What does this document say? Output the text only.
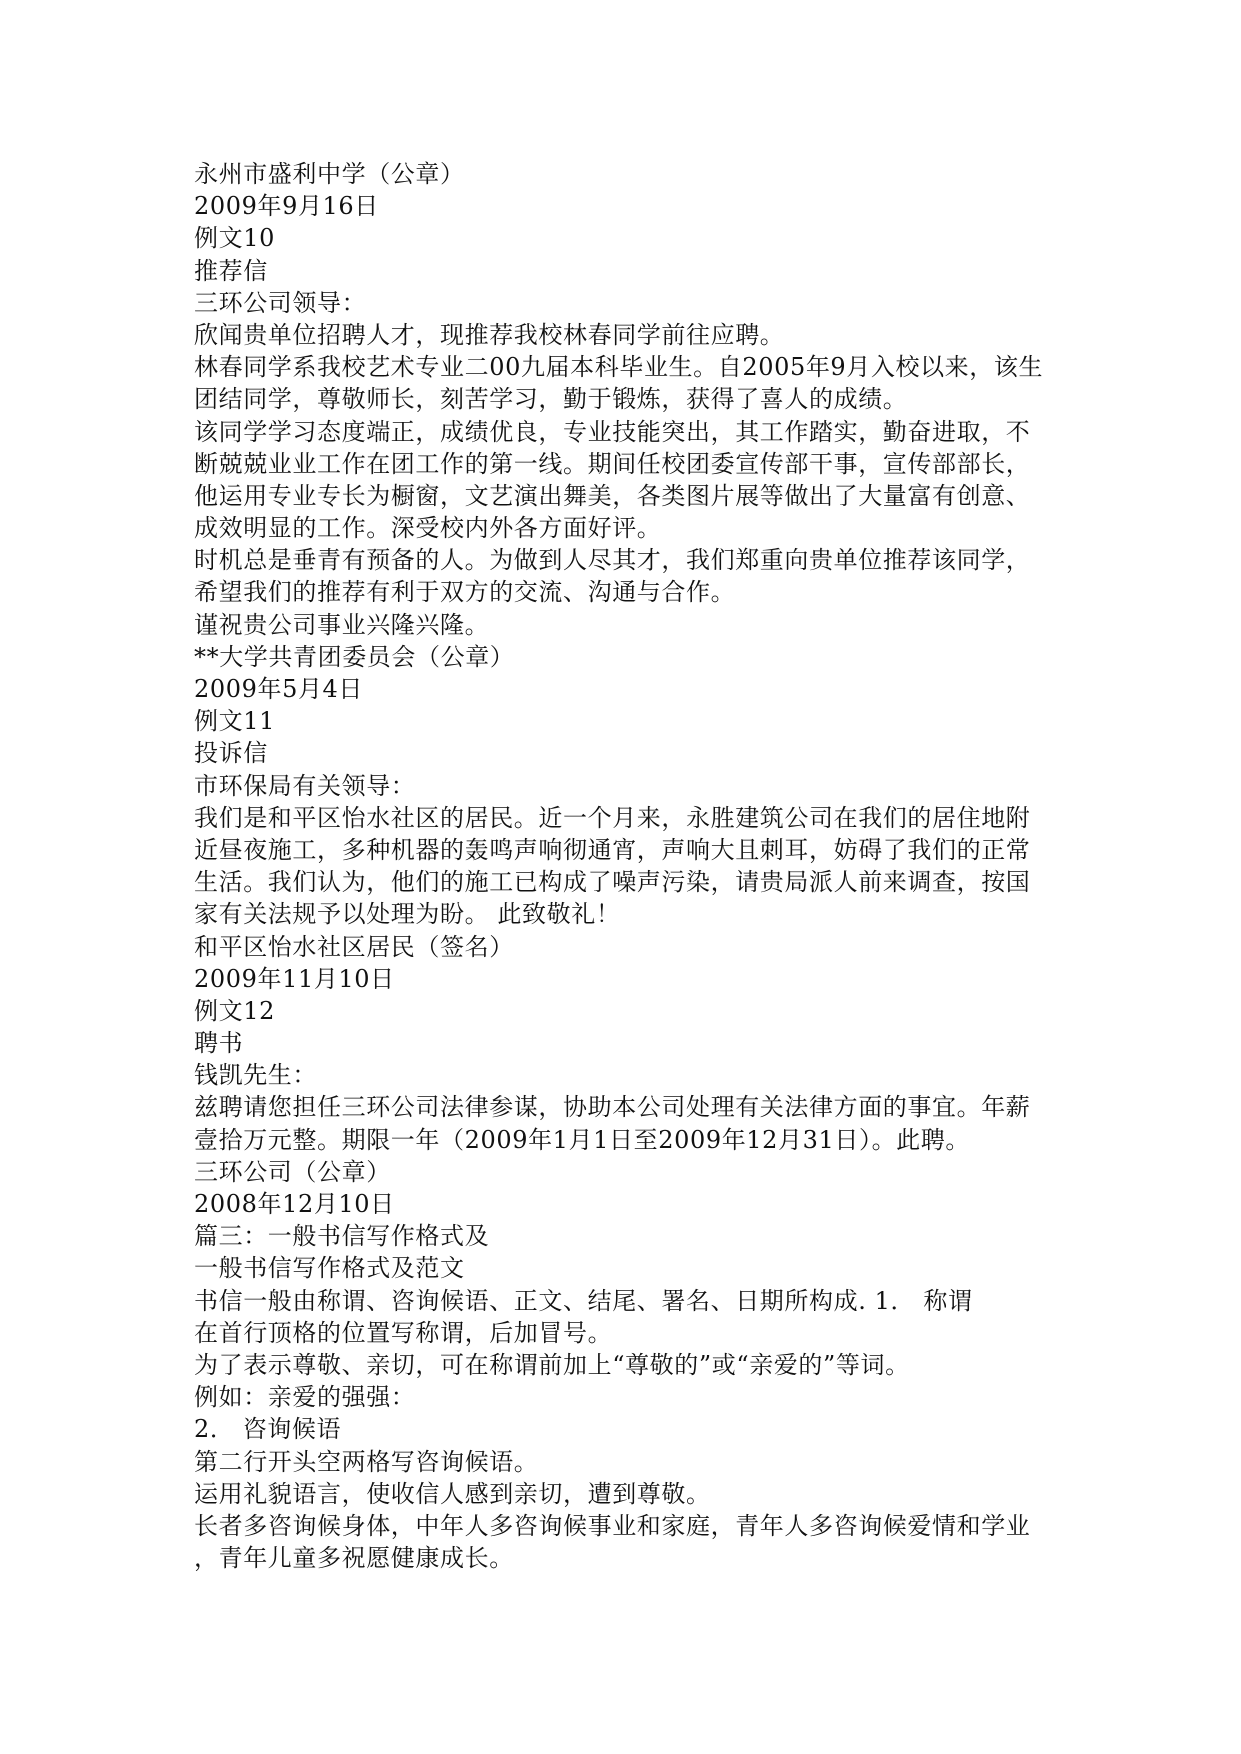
永州市盛利中学（公章）
2009年9月16日
例文10
推荐信
三环公司领导：
欣闻贵单位招聘人才，现推荐我校林春同学前往应聘。
林春同学系我校艺术专业二00九届本科毕业生。自2005年9月入校以来，该生
团结同学，尊敬师长，刻苦学习，勤于锻炼，获得了喜人的成绩。
该同学学习态度端正，成绩优良，专业技能突出，其工作踏实，勤奋进取，不
断兢兢业业工作在团工作的第一线。期间任校团委宣传部干事，宣传部部长，
他运用专业专长为橱窗，文艺演出舞美，各类图片展等做出了大量富有创意、
成效明显的工作。深受校内外各方面好评。
时机总是垂青有预备的人。为做到人尽其才，我们郑重向贵单位推荐该同学，
希望我们的推荐有利于双方的交流、沟通与合作。
谨祝贵公司事业兴隆兴隆。
**大学共青团委员会（公章）
2009年5月4日
例文11
投诉信
市环保局有关领导：
我们是和平区怡水社区的居民。近一个月来，永胜建筑公司在我们的居住地附
近昼夜施工，多种机器的轰鸣声响彻通宵，声响大且刺耳，妨碍了我们的正常
生活。我们认为，他们的施工已构成了噪声污染，请贵局派人前来调查，按国
家有关法规予以处理为盼。 此致敬礼！
和平区怡水社区居民（签名）
2009年11月10日
例文12
聘书
钱凯先生：
兹聘请您担任三环公司法律参谋，协助本公司处理有关法律方面的事宜。年薪
壹拾万元整。期限一年（2009年1月1日至2009年12月31日）。此聘。
三环公司（公章）
2008年12月10日
篇三：一般书信写作格式及
一般书信写作格式及范文
书信一般由称谓、咨询候语、正文、结尾、署名、日期所构成. 1． 称谓
在首行顶格的位置写称谓，后加冒号。
为了表示尊敬、亲切，可在称谓前加上“尊敬的”或“亲爱的”等词。
例如：亲爱的强强：
2． 咨询候语
第二行开头空两格写咨询候语。
运用礼貌语言，使收信人感到亲切，遭到尊敬。
长者多咨询候身体，中年人多咨询候事业和家庭，青年人多咨询候爱情和学业
，青年儿童多祝愿健康成长。
